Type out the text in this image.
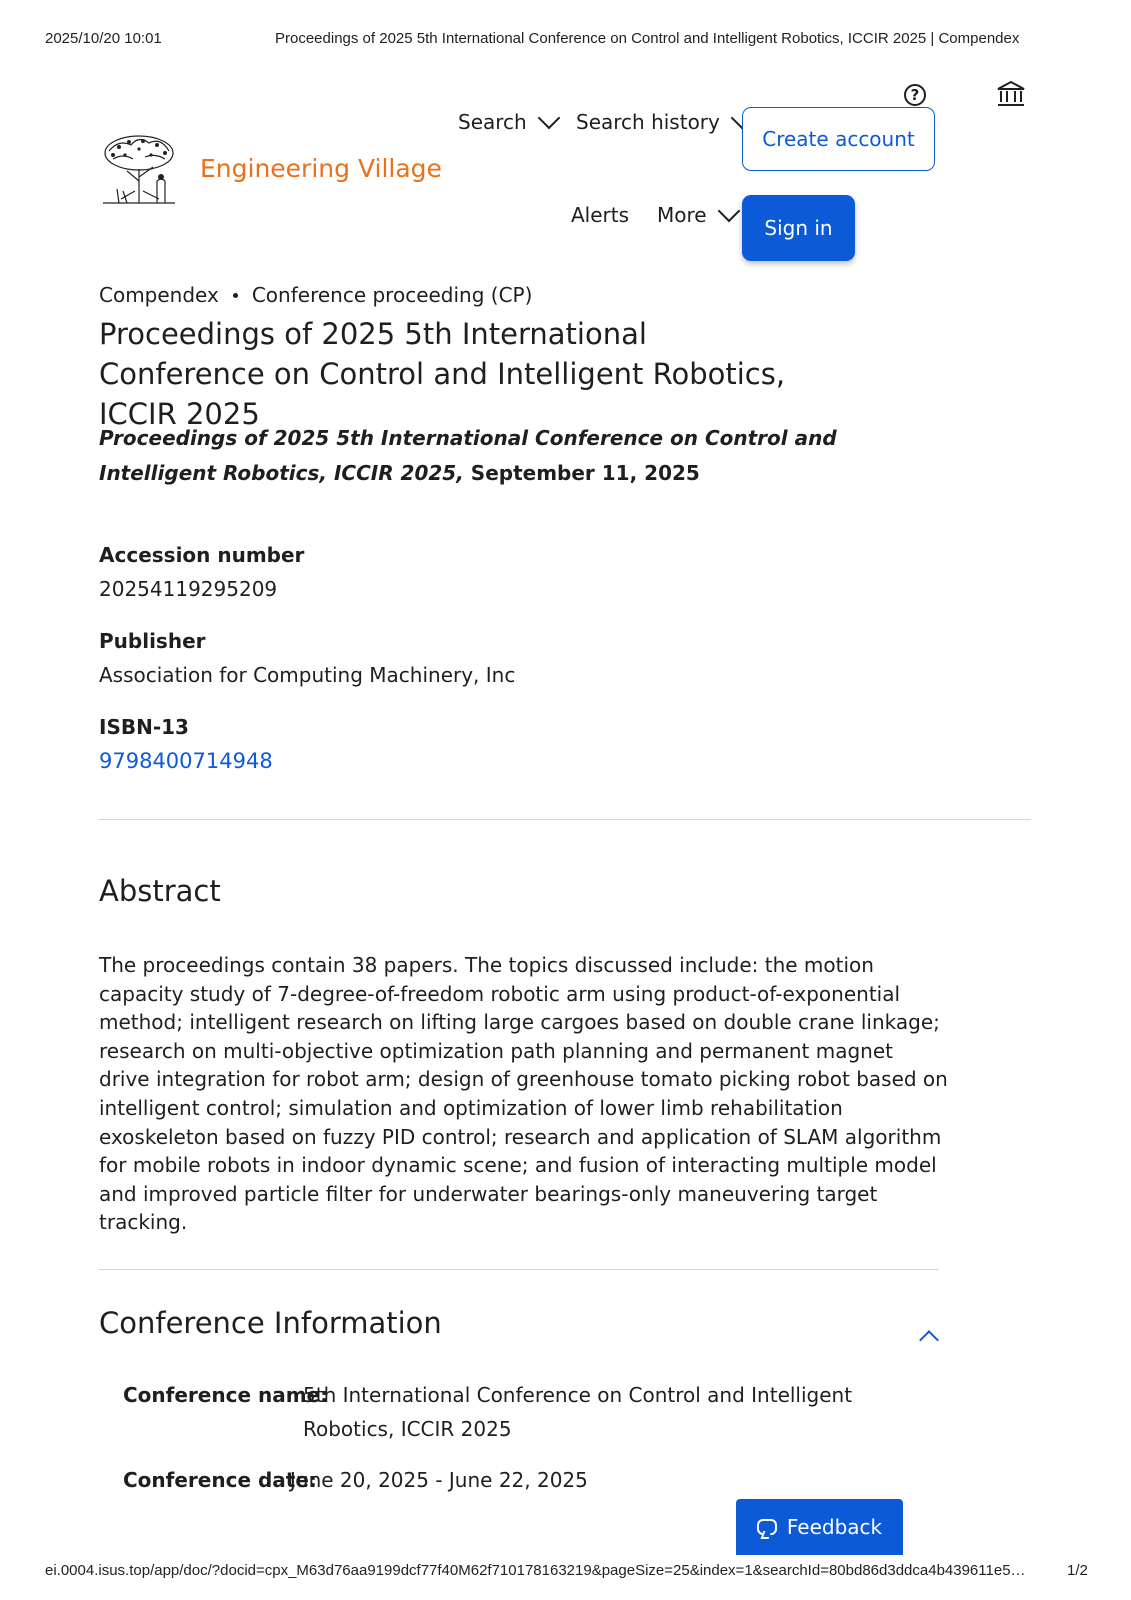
2025/10/20 10:01	Proceedings of 2025 5th International Conference on Control and Intelligent Robotics, ICCIR 2025 | Compendex
Engineering Village
Search Search history
Alerts More
?
Create account
Sign in
Compendex Conference proceeding (CP)
Proceedings of 2025 5th International Conference on Control and Intelligent Robotics, ICCIR 2025
Proceedings of 2025 5th International Conference on Control and Intelligent Robotics, ICCIR 2025, September 11, 2025
Accession number
20254119295209
Publisher
Association for Computing Machinery, Inc
ISBN-13
9798400714948
Abstract
The proceedings contain 38 papers. The topics discussed include: the motion capacity study of 7-degree-of-freedom robotic arm using product-of-exponential method; intelligent research on lifting large cargoes based on double crane linkage; research on multi-objective optimization path planning and permanent magnet drive integration for robot arm; design of greenhouse tomato picking robot based on intelligent control; simulation and optimization of lower limb rehabilitation exoskeleton based on fuzzy PID control; research and application of SLAM algorithm for mobile robots in indoor dynamic scene; and fusion of interacting multiple model and improved particle filter for underwater bearings-only maneuvering target tracking.
Conference Information
Conference name:
5th International Conference on Control and Intelligent
Robotics, ICCIR 2025
Conference date:
June 20, 2025 - June 22, 2025
Feedback
ei.0004.isus.top/app/doc/?docid=cpx_M63d76aa9199dcf77f40M62f710178163219&pageSize=25&index=1&searchId=80bd86d3ddca4b439611e5…	1/2
